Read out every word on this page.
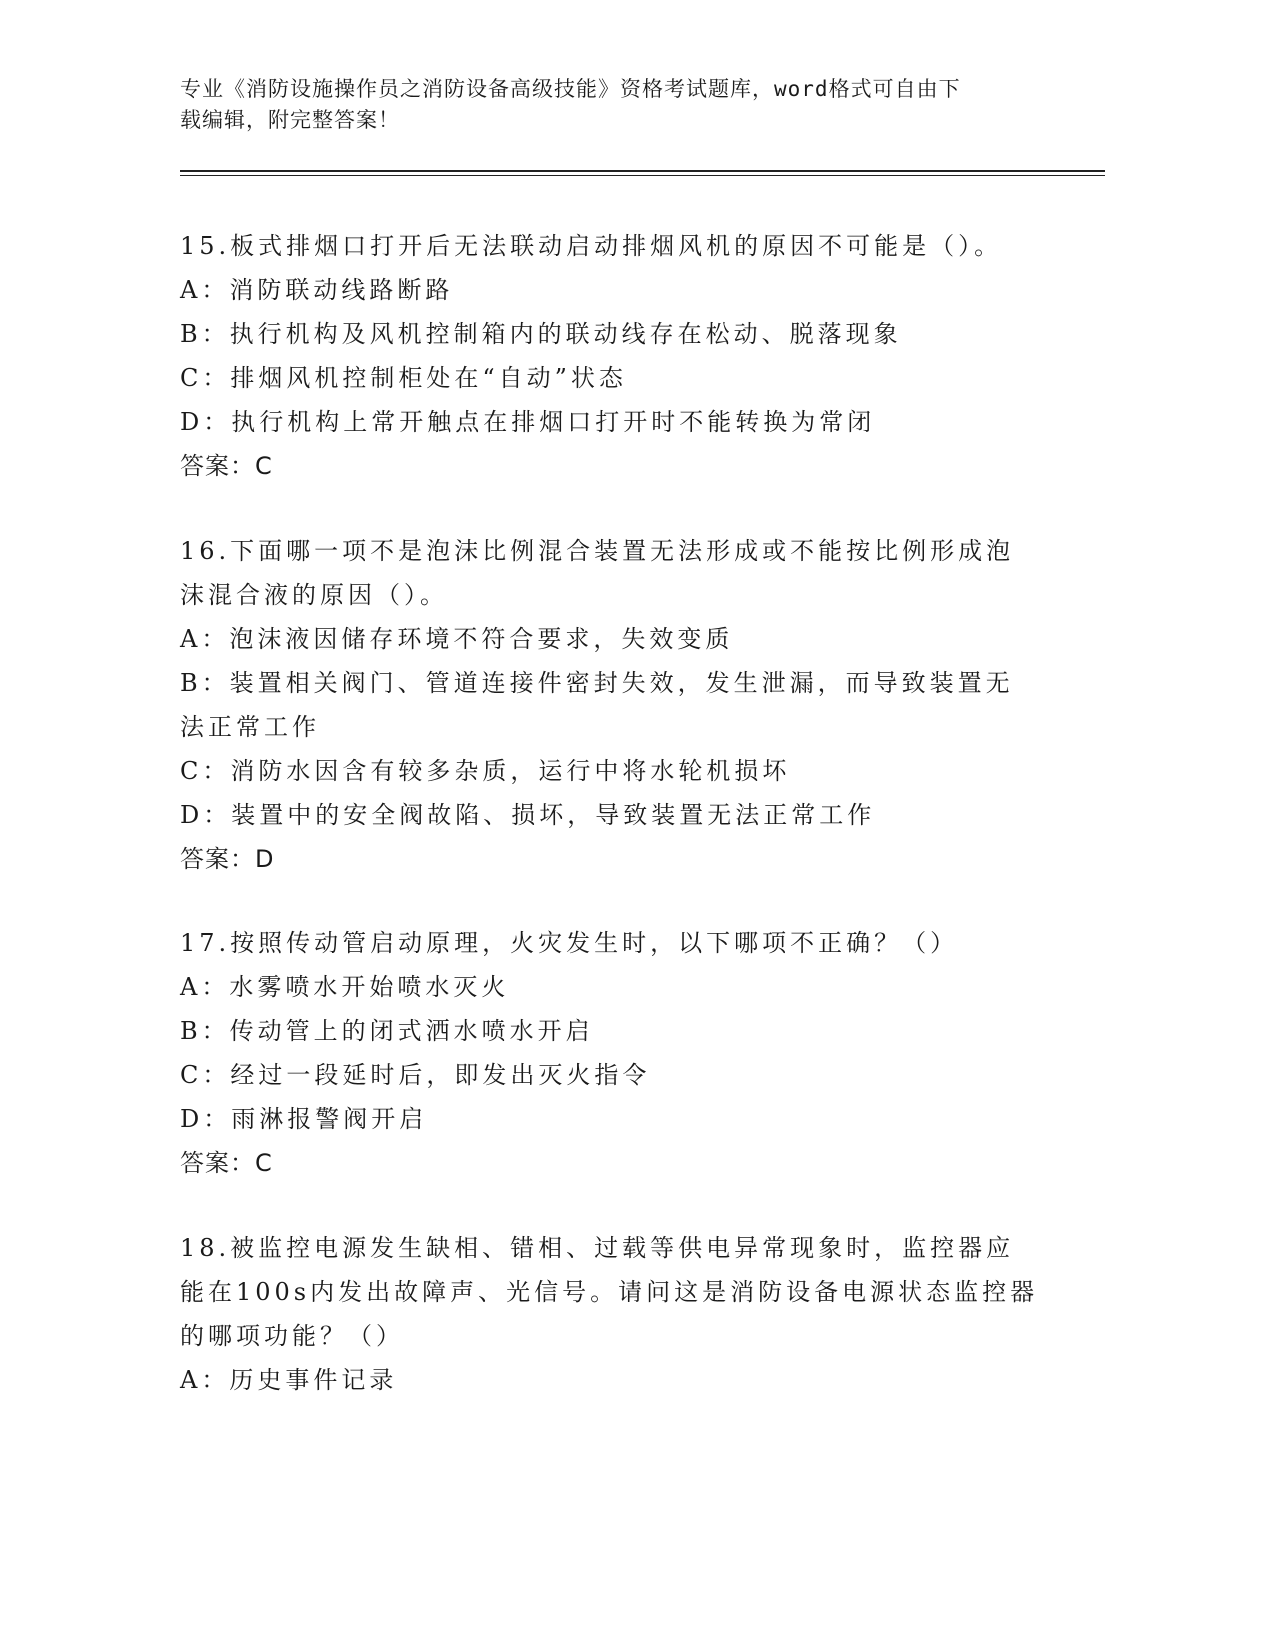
专业《消防设施操作员之消防设备高级技能》资格考试题库，word格式可自由下
载编辑，附完整答案！

15.板式排烟口打开后无法联动启动排烟风机的原因不可能是（）。

A：消防联动线路断路

B：执行机构及风机控制箱内的联动线存在松动、脱落现象

C：排烟风机控制柜处在“自动”状态

D：执行机构上常开触点在排烟口打开时不能转换为常闭

答案：C

16.下面哪一项不是泡沫比例混合装置无法形成或不能按比例形成泡沫混合液的原因（）。

A：泡沫液因储存环境不符合要求，失效变质

B：装置相关阀门、管道连接件密封失效，发生泄漏，而导致装置无法正常工作

C：消防水因含有较多杂质，运行中将水轮机损坏

D：装置中的安全阀故陷、损坏，导致装置无法正常工作

答案：D

17.按照传动管启动原理，火灾发生时，以下哪项不正确？（）

A：水雾喷水开始喷水灭火

B：传动管上的闭式洒水喷水开启

C：经过一段延时后，即发出灭火指令

D：雨淋报警阀开启

答案：C

18.被监控电源发生缺相、错相、过载等供电异常现象时，监控器应能在100s内发出故障声、光信号。请问这是消防设备电源状态监控器的哪项功能？（）

A：历史事件记录
